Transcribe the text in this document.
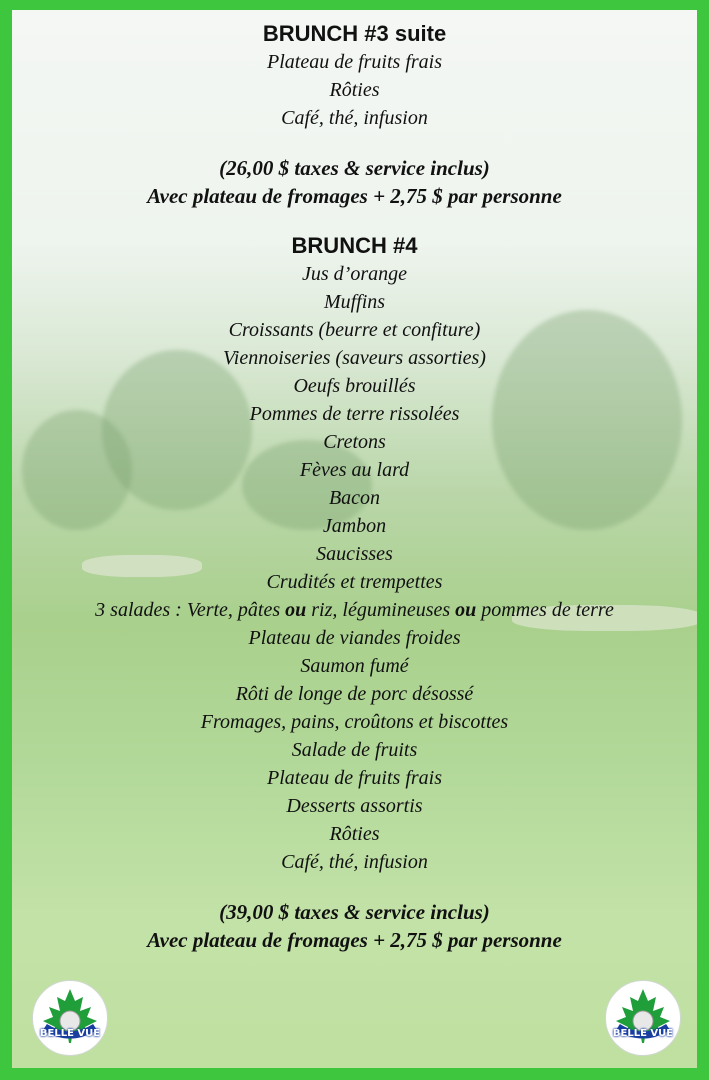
BRUNCH #3 suite

Plateau de fruits frais

Rôties

Café, thé, infusion

(26,00 $ taxes & service inclus)

Avec plateau de fromages + 2,75 $ par personne

BRUNCH #4

Jus d’orange

Muffins

Croissants (beurre et confiture)

Viennoiseries (saveurs assorties)

Oeufs brouillés

Pommes de terre rissolées

Cretons

Fèves au lard

Bacon

Jambon

Saucisses

Crudités et trempettes

3 salades : Verte, pâtes ou riz, légumineuses ou pommes de terre

Plateau de viandes froides

Saumon fumé

Rôti de longe de porc désossé

Fromages, pains, croûtons et biscottes

Salade de fruits

Plateau de fruits frais

Desserts assortis

Rôties

Café, thé, infusion

(39,00 $ taxes & service inclus)

Avec plateau de fromages + 2,75 $ par personne

BELLE VUE	BELLE VUE
